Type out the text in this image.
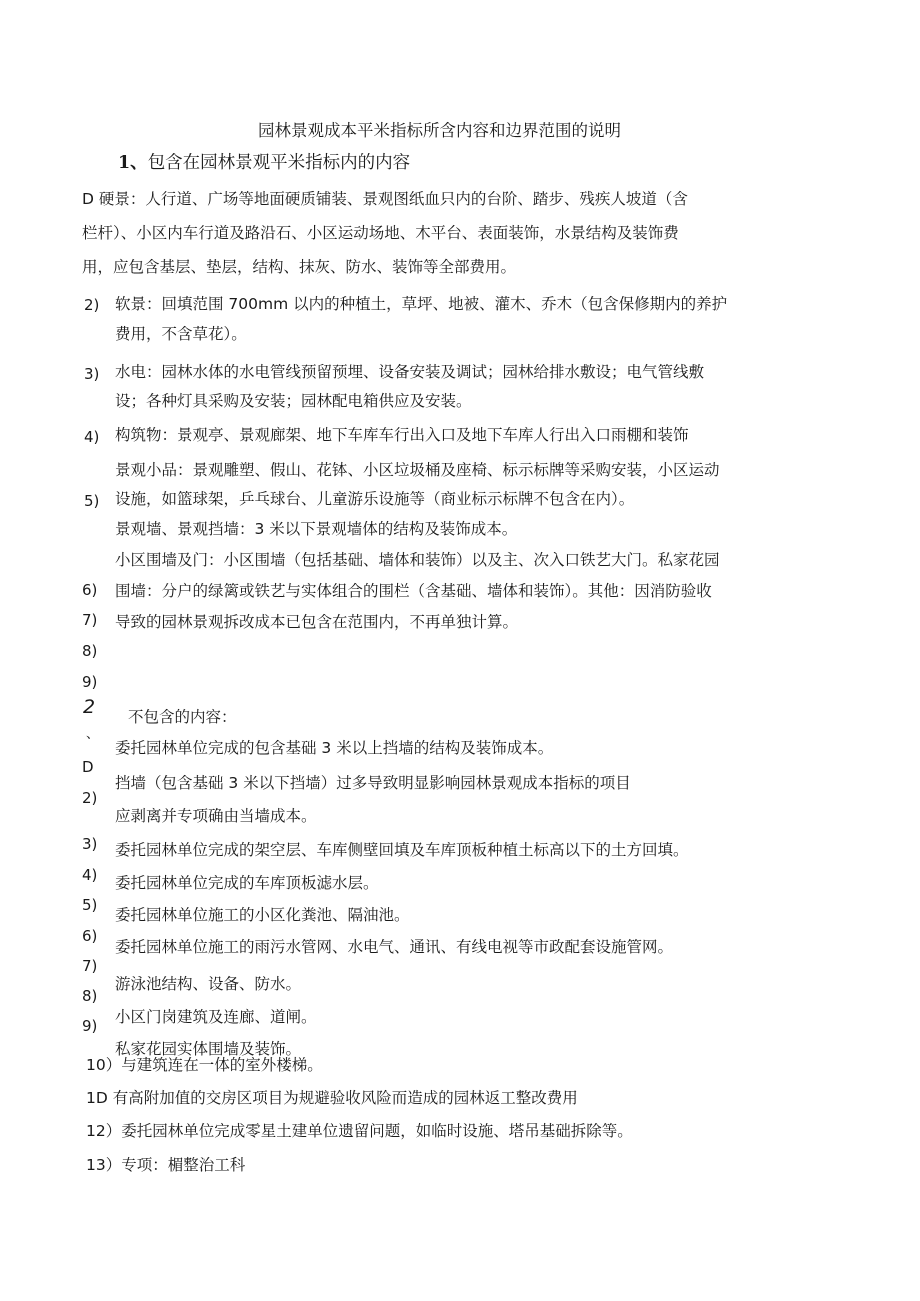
园林景观成本平米指标所含内容和边界范围的说明
1、包含在园林景观平米指标内的内容
D 硬景：人行道、广场等地面硬质铺装、景观图纸血只内的台阶、踏步、残疾人坡道（含
栏杆）、小区内车行道及路沿石、小区运动场地、木平台、表面装饰，水景结构及装饰费
用，应包含基层、垫层，结构、抹灰、防水、装饰等全部费用。
2) 软景：回填范围 700mm 以内的种植土，草坪、地被、灌木、乔木（包含保修期内的养护
费用，不含草花）。
3) 水电：园林水体的水电管线预留预埋、设备安装及调试；园林给排水敷设；电气管线敷
设；各种灯具采购及安装；园林配电箱供应及安装。
4) 构筑物：景观亭、景观廊架、地下车库车行出入口及地下车库人行出入口雨棚和装饰
景观小品：景观雕塑、假山、花钵、小区垃圾桶及座椅、标示标牌等采购安装，小区运动
设施，如篮球架，乒乓球台、儿童游乐设施等（商业标示标牌不包含在内）。
景观墙、景观挡墙：3 米以下景观墙体的结构及装饰成本。
小区围墙及门：小区围墙（包括基础、墙体和装饰）以及主、次入口铁艺大门。私家花园
围墙：分户的绿篱或铁艺与实体组合的围栏（含基础、墙体和装饰）。其他：因消防验收
导致的园林景观拆改成本已包含在范围内，不再单独计算。
5)
6)
7)
8)
9)
2
、
不包含的内容：
D
2)
3)
4)
5)
6)
7)
8)
9)
委托园林单位完成的包含基础 3 米以上挡墙的结构及装饰成本。
挡墙（包含基础 3 米以下挡墙）过多导致明显影响园林景观成本指标的项目
应剥离并专项确由当墙成本。
委托园林单位完成的架空层、车库侧壁回填及车库顶板种植土标高以下的土方回填。
委托园林单位完成的车库顶板滤水层。
委托园林单位施工的小区化粪池、隔油池。
委托园林单位施工的雨污水管网、水电气、通讯、有线电视等市政配套设施管网。
游泳池结构、设备、防水。
小区门岗建筑及连廊、道闸。
私家花园实体围墙及装饰。
10）与建筑连在一体的室外楼梯。
1D 有高附加值的交房区项目为规避验收风险而造成的园林返工整改费用
12）委托园林单位完成零星土建单位遗留问题，如临时设施、塔吊基础拆除等。
13）专项：楣整治工科
